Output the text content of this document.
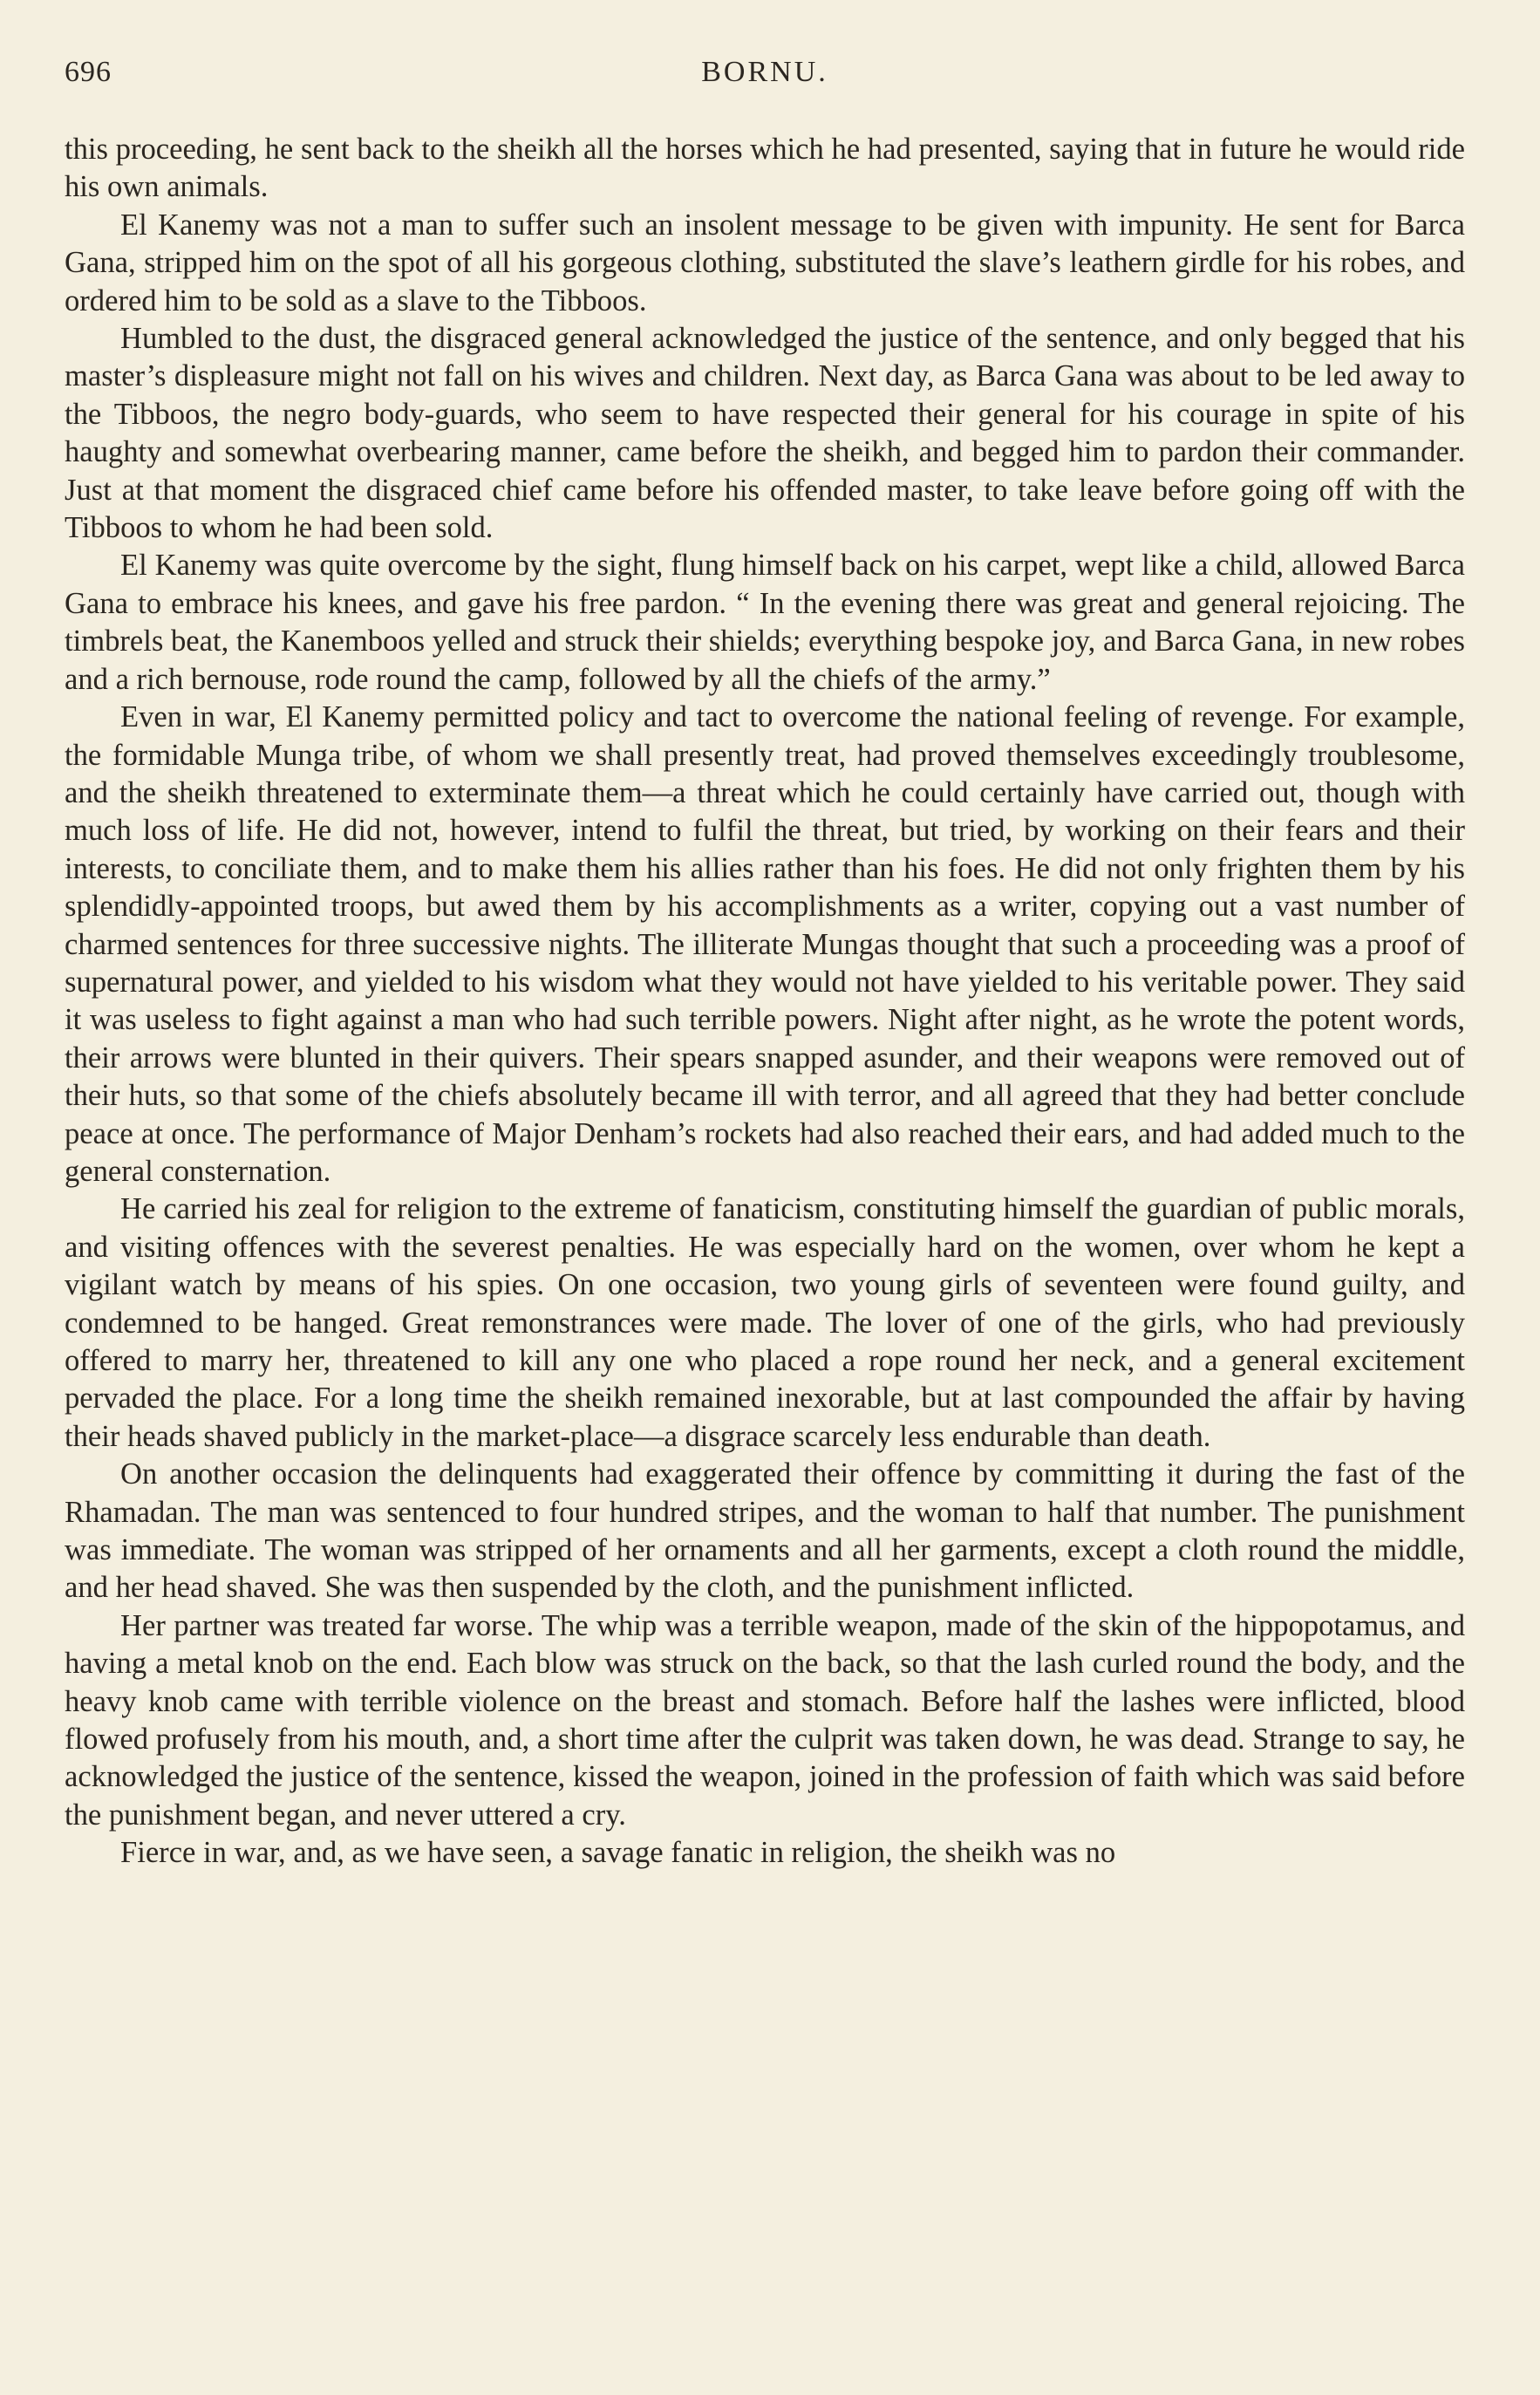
696	BORNU.

this proceeding, he sent back to the sheikh all the horses which he had presented, saying that in future he would ride his own animals.

El Kanemy was not a man to suffer such an insolent message to be given with impunity. He sent for Barca Gana, stripped him on the spot of all his gorgeous clothing, substituted the slave’s leathern girdle for his robes, and ordered him to be sold as a slave to the Tibboos.

Humbled to the dust, the disgraced general acknowledged the justice of the sentence, and only begged that his master’s displeasure might not fall on his wives and children. Next day, as Barca Gana was about to be led away to the Tibboos, the negro body-guards, who seem to have respected their general for his courage in spite of his haughty and somewhat overbearing manner, came before the sheikh, and begged him to pardon their commander. Just at that moment the disgraced chief came before his offended master, to take leave before going off with the Tibboos to whom he had been sold.

El Kanemy was quite overcome by the sight, flung himself back on his carpet, wept like a child, allowed Barca Gana to embrace his knees, and gave his free pardon. “ In the evening there was great and general rejoicing. The timbrels beat, the Kanemboos yelled and struck their shields; everything bespoke joy, and Barca Gana, in new robes and a rich bernouse, rode round the camp, followed by all the chiefs of the army.”

Even in war, El Kanemy permitted policy and tact to overcome the national feeling of revenge. For example, the formidable Munga tribe, of whom we shall presently treat, had proved themselves exceedingly troublesome, and the sheikh threatened to exterminate them—a threat which he could certainly have carried out, though with much loss of life. He did not, however, intend to fulfil the threat, but tried, by working on their fears and their interests, to conciliate them, and to make them his allies rather than his foes. He did not only frighten them by his splendidly-appointed troops, but awed them by his accomplishments as a writer, copying out a vast number of charmed sentences for three successive nights. The illiterate Mungas thought that such a proceeding was a proof of supernatural power, and yielded to his wisdom what they would not have yielded to his veritable power. They said it was useless to fight against a man who had such terrible powers. Night after night, as he wrote the potent words, their arrows were blunted in their quivers. Their spears snapped asunder, and their weapons were removed out of their huts, so that some of the chiefs absolutely became ill with terror, and all agreed that they had better conclude peace at once. The performance of Major Denham’s rockets had also reached their ears, and had added much to the general consternation.

He carried his zeal for religion to the extreme of fanaticism, constituting himself the guardian of public morals, and visiting offences with the severest penalties. He was especially hard on the women, over whom he kept a vigilant watch by means of his spies. On one occasion, two young girls of seventeen were found guilty, and condemned to be hanged. Great remonstrances were made. The lover of one of the girls, who had previously offered to marry her, threatened to kill any one who placed a rope round her neck, and a general excitement pervaded the place. For a long time the sheikh remained inexorable, but at last compounded the affair by having their heads shaved publicly in the market-place—a disgrace scarcely less endurable than death.

On another occasion the delinquents had exaggerated their offence by committing it during the fast of the Rhamadan. The man was sentenced to four hundred stripes, and the woman to half that number. The punishment was immediate. The woman was stripped of her ornaments and all her garments, except a cloth round the middle, and her head shaved. She was then suspended by the cloth, and the punishment inflicted.

Her partner was treated far worse. The whip was a terrible weapon, made of the skin of the hippopotamus, and having a metal knob on the end. Each blow was struck on the back, so that the lash curled round the body, and the heavy knob came with terrible violence on the breast and stomach. Before half the lashes were inflicted, blood flowed profusely from his mouth, and, a short time after the culprit was taken down, he was dead. Strange to say, he acknowledged the justice of the sentence, kissed the weapon, joined in the profession of faith which was said before the punishment began, and never uttered a cry.

Fierce in war, and, as we have seen, a savage fanatic in religion, the sheikh was no
